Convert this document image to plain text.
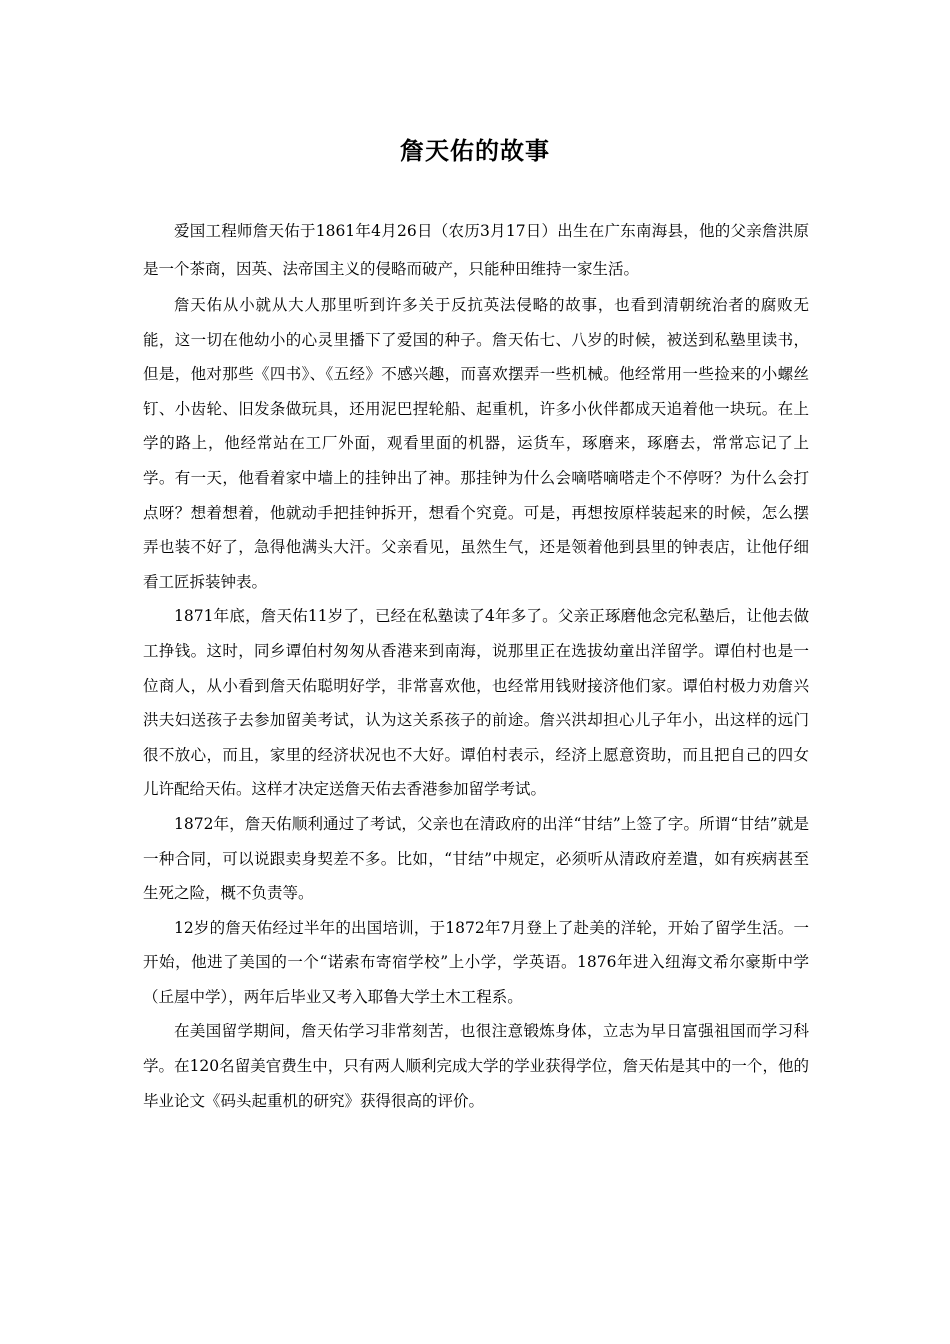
詹天佑的故事

爱国工程师詹天佑于1861年4月26日（农历3月17日）出生在广东南海县，他的父亲詹洪原是一个茶商，因英、法帝国主义的侵略而破产，只能种田维持一家生活。

詹天佑从小就从大人那里听到许多关于反抗英法侵略的故事，也看到清朝统治者的腐败无能，这一切在他幼小的心灵里播下了爱国的种子。詹天佑七、八岁的时候，被送到私塾里读书，但是，他对那些《四书》、《五经》不感兴趣，而喜欢摆弄一些机械。他经常用一些捡来的小螺丝钉、小齿轮、旧发条做玩具，还用泥巴捏轮船、起重机，许多小伙伴都成天追着他一块玩。在上学的路上，他经常站在工厂外面，观看里面的机器，运货车，琢磨来，琢磨去，常常忘记了上学。有一天，他看着家中墙上的挂钟出了神。那挂钟为什么会嘀嗒嘀嗒走个不停呀？为什么会打点呀？想着想着，他就动手把挂钟拆开，想看个究竟。可是，再想按原样装起来的时候，怎么摆弄也装不好了，急得他满头大汗。父亲看见，虽然生气，还是领着他到县里的钟表店，让他仔细看工匠拆装钟表。

1871年底，詹天佑11岁了，已经在私塾读了4年多了。父亲正琢磨他念完私塾后，让他去做工挣钱。这时，同乡谭伯村匆匆从香港来到南海，说那里正在选拔幼童出洋留学。谭伯村也是一位商人，从小看到詹天佑聪明好学，非常喜欢他，也经常用钱财接济他们家。谭伯村极力劝詹兴洪夫妇送孩子去参加留美考试，认为这关系孩子的前途。詹兴洪却担心儿子年小，出这样的远门很不放心，而且，家里的经济状况也不大好。谭伯村表示，经济上愿意资助，而且把自己的四女儿许配给天佑。这样才决定送詹天佑去香港参加留学考试。

1872年，詹天佑顺利通过了考试，父亲也在清政府的出洋“甘结”上签了字。所谓“甘结”就是一种合同，可以说跟卖身契差不多。比如，“甘结”中规定，必须听从清政府差遣，如有疾病甚至生死之险，概不负责等。

12岁的詹天佑经过半年的出国培训，于1872年7月登上了赴美的洋轮，开始了留学生活。一开始，他进了美国的一个“诺索布寄宿学校”上小学，学英语。1876年进入纽海文希尔豪斯中学（丘屋中学），两年后毕业又考入耶鲁大学土木工程系。

在美国留学期间，詹天佑学习非常刻苦，也很注意锻炼身体，立志为早日富强祖国而学习科学。在120名留美官费生中，只有两人顺利完成大学的学业获得学位，詹天佑是其中的一个，他的毕业论文《码头起重机的研究》获得很高的评价。
